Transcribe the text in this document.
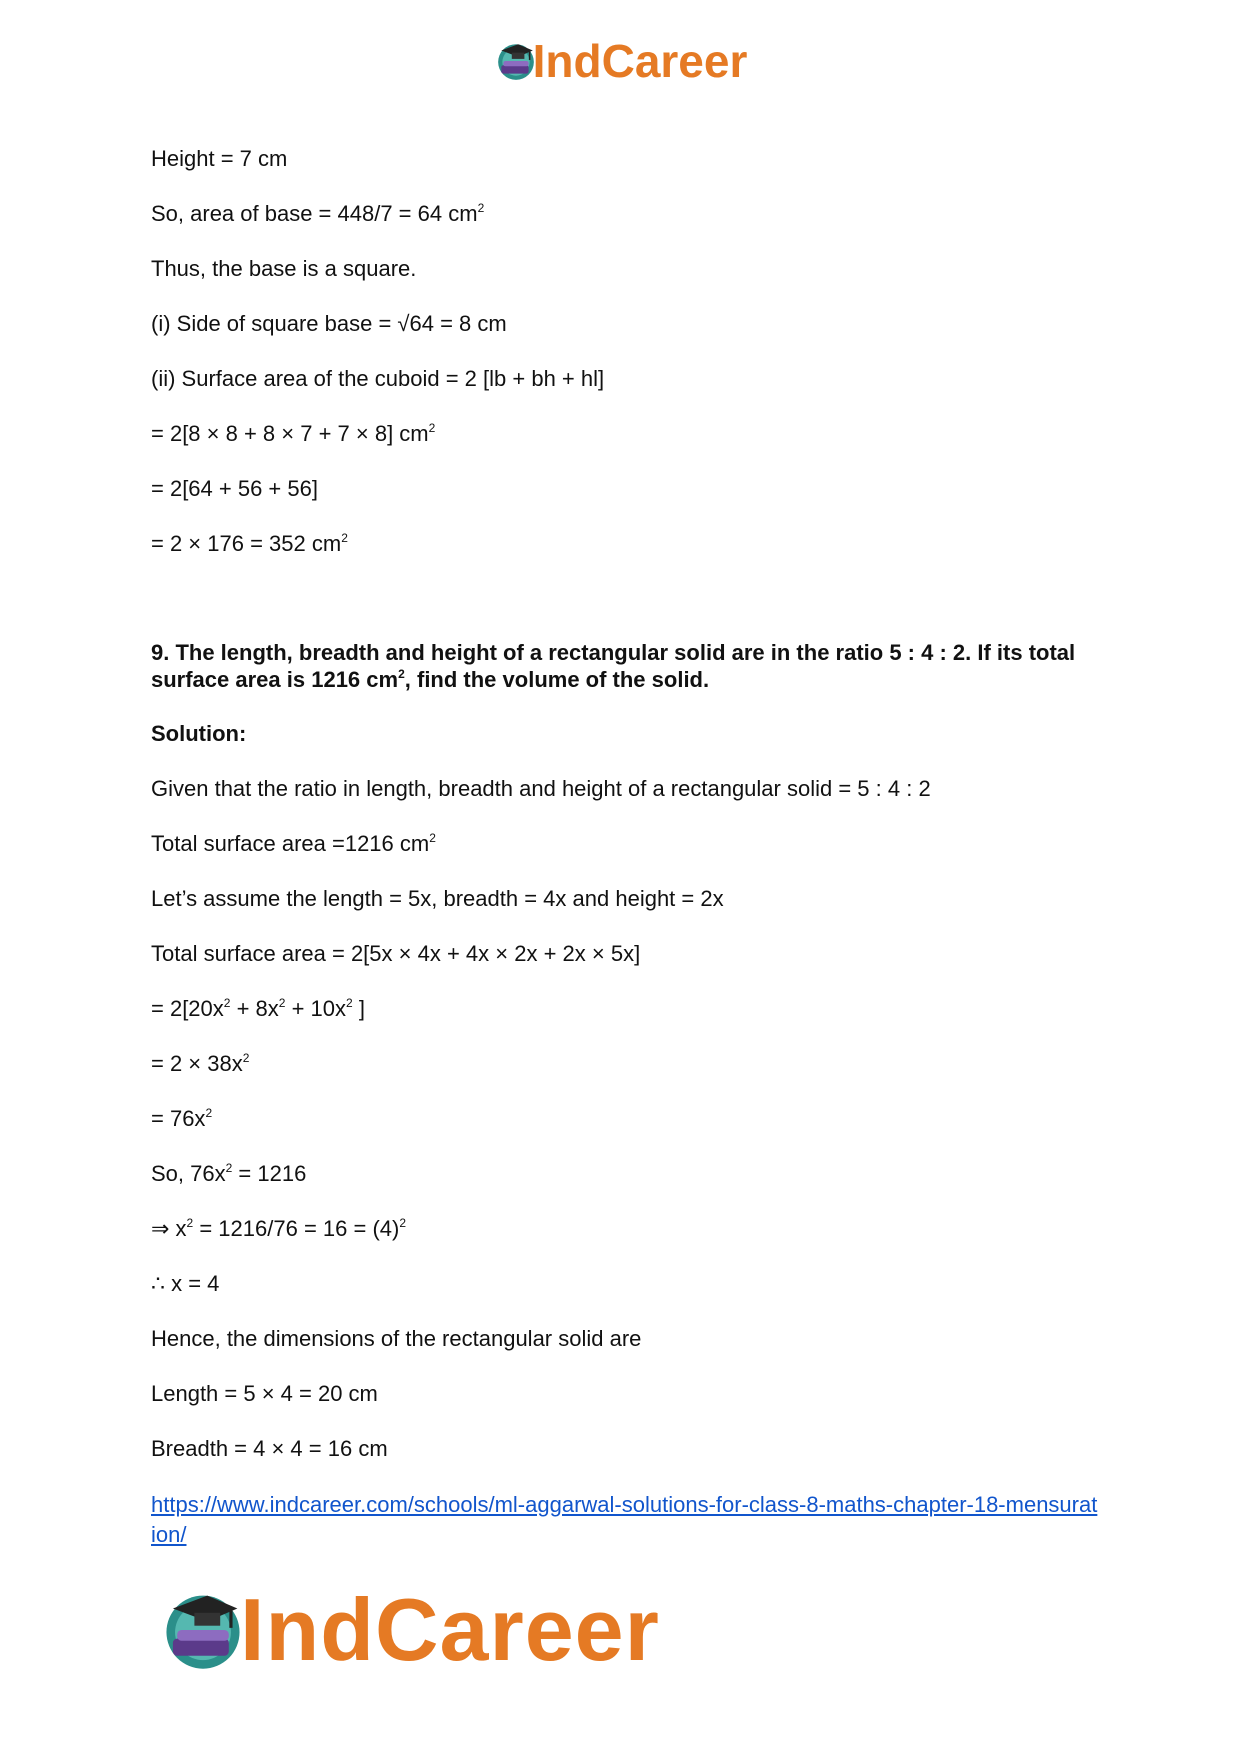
IndCareer
Height = 7 cm
So, area of base = 448/7 = 64 $cm^2$
Thus, the base is a square.
(i) Side of square base = √64 = 8 cm
(ii) Surface area of the cuboid = 2 [lb + bh + hl]
= 2[8 × 8 + 8 × 7 + 7 × 8] $cm^2$
= 2[64 + 56 + 56]
= 2 × 176 = 352 $cm^2$
9. The length, breadth and height of a rectangular solid are in the ratio 5 : 4 : 2. If its total surface area is 1216 $cm^2$, find the volume of the solid.
Solution:
Given that the ratio in length, breadth and height of a rectangular solid = 5 : 4 : 2
Total surface area =1216 $cm^2$
Let’s assume the length = 5x, breadth = 4x and height = 2x
Total surface area = 2[5x × 4x + 4x × 2x + 2x × 5x]
= $2[20x^2 + 8x^2 + 10x^2$ ]
= $2 \times 38x^2$
= $76x^2$
So, $76x^2 = 1216$
⇒ $x^2 = 1216/76 = 16 = (4)^2$
∴ x = 4
Hence, the dimensions of the rectangular solid are
Length = 5 × 4 = 20 cm
Breadth = 4 × 4 = 16 cm
https://www.indcareer.com/schools/ml-aggarwal-solutions-for-class-8-maths-chapter-18-mensuration/
IndCareer
